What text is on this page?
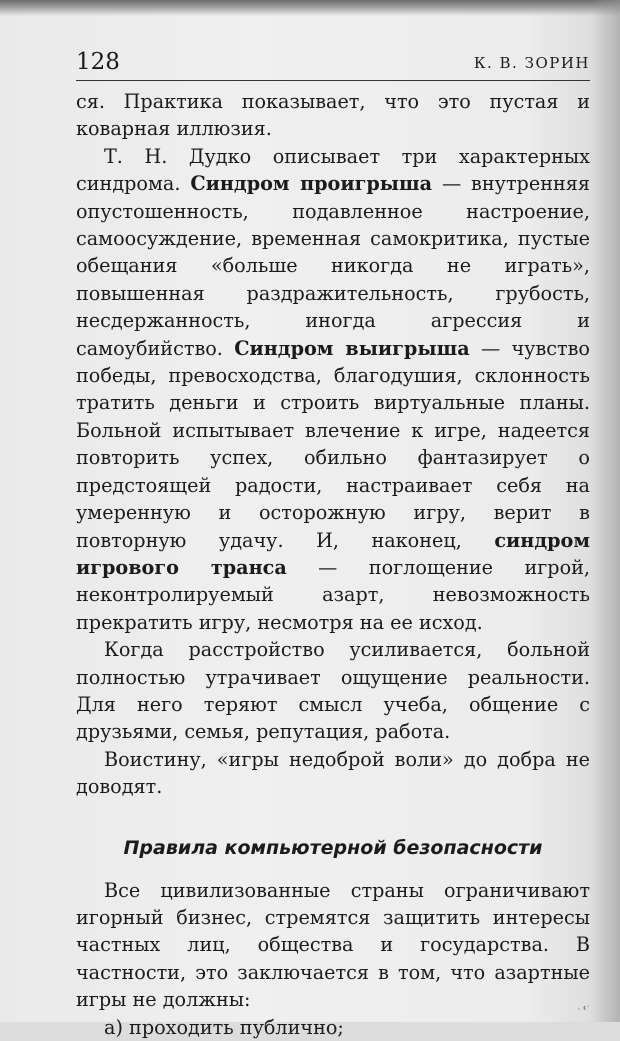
128	К. В. ЗОРИН

ся. Практика показывает, что это пустая и коварная иллюзия.

Т. Н. Дудко описывает три характерных синдрома. Синдром проигрыша — внутренняя опустошенность, подавленное настроение, самоосуждение, временная самокритика, пустые обещания «больше никогда не играть», повышенная раздражительность, грубость, несдержанность, иногда агрессия и самоубийство. Синдром выигрыша — чувство победы, превосходства, благодушия, склонность тратить деньги и строить виртуальные планы. Больной испытывает влечение к игре, надеется повторить успех, обильно фантазирует о предстоящей радости, настраивает себя на умеренную и осторожную игру, верит в повторную удачу. И, наконец, синдром игрового транса — поглощение игрой, неконтролируемый азарт, невозможность прекратить игру, несмотря на ее исход.

Когда расстройство усиливается, больной полностью утрачивает ощущение реальности. Для него теряют смысл учеба, общение с друзьями, семья, репутация, работа.

Воистину, «игры недоброй воли» до добра не доводят.

Правила компьютерной безопасности

Все цивилизованные страны ограничивают игорный бизнес, стремятся защитить интересы частных лиц, общества и государства. В частности, это заключается в том, что азартные игры не должны:

а) проходить публично;

· ⁴˙
